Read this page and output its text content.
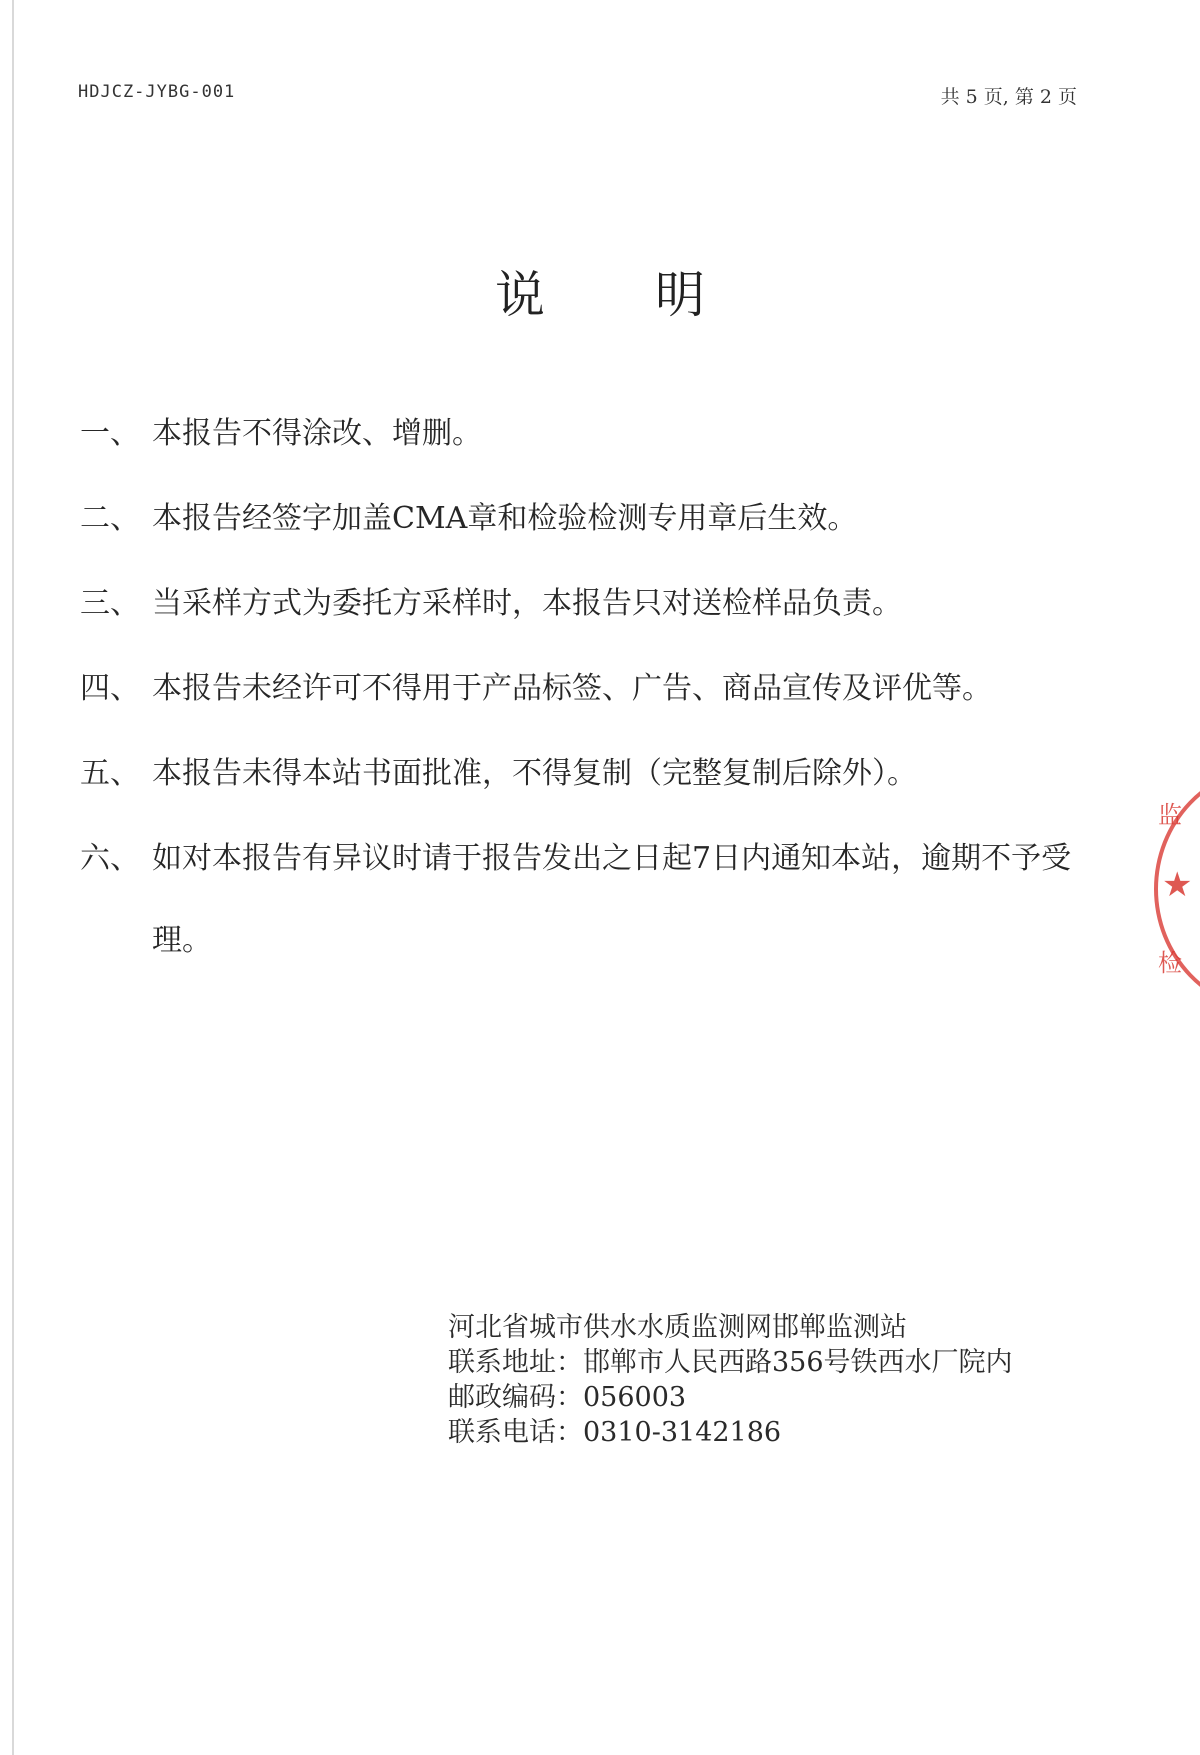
HDJCZ-JYBG-001	共 5 页, 第 2 页
说明
一、 本报告不得涂改、增删。
二、 本报告经签字加盖CMA章和检验检测专用章后生效。
三、 当采样方式为委托方采样时，本报告只对送检样品负责。
四、 本报告未经许可不得用于产品标签、广告、商品宣传及评优等。
五、 本报告未得本站书面批准，不得复制（完整复制后除外）。
六、 如对本报告有异议时请于报告发出之日起7日内通知本站，逾期不予受理。
河北省城市供水水质监测网邯郸监测站
联系地址：邯郸市人民西路356号铁西水厂院内
邮政编码：056003
联系电话：0310-3142186
监
★
检
